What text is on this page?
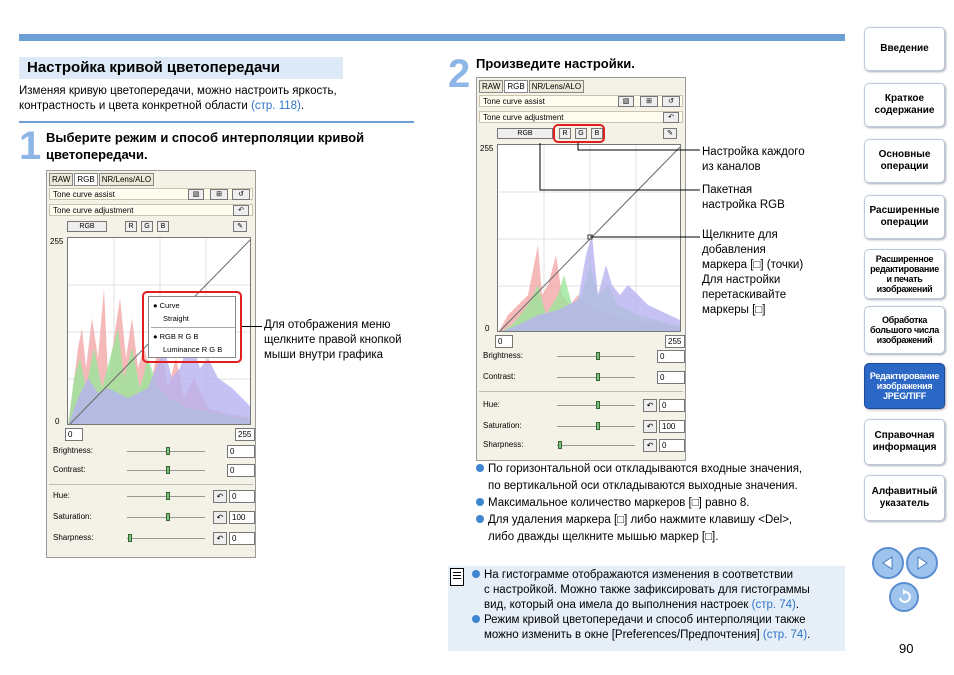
Настройка кривой цветопередачи
Изменяя кривую цветопередачи, можно настроить яркость,
контрастность и цвета конкретной области (стр. 118).
1 Выберите режим и способ интерполяции кривой
цветопередачи.
RAW RGB NR/Lens/ALO
Tone curve assist	▧	⊞	↺
Tone curve adjustment	↶
RGB	R	G	B	✎
255
0
0	255
Brightness:	0
Contrast:	0
Hue:	↶	0
Saturation:	↶	100
Sharpness:	↶	0
● Curve
Straight
● RGB R G B
Luminance R G B
Для отображения меню
щелкните правой кнопкой
мыши внутри графика
2 Произведите настройки.
RAW RGB NR/Lens/ALO
Tone curve assist	▧	⊞	↺
Tone curve adjustment	↶
RGB	R	G	B	✎
255
0
0	255
Brightness:	0
Contrast:	0
Hue:	↶	0
Saturation:	↶	100
Sharpness:	↶	0
Настройка каждого
из каналов
Пакетная
настройка RGB
Щелкните для
добавления
маркера [□] (точки)
Для настройки
перетаскивайте
маркеры [□]
По горизонтальной оси откладываются входные значения,
по вертикальной оси откладываются выходные значения.
Максимальное количество маркеров [□] равно 8.
Для удаления маркера [□] либо нажмите клавишу <Del>,
либо дважды щелкните мышью маркер [□].
На гистограмме отображаются изменения в соответствии
с настройкой. Можно также зафиксировать для гистограммы
вид, который она имела до выполнения настроек (стр. 74).
Режим кривой цветопередачи и способ интерполяции также
можно изменить в окне [Preferences/Предпочтения] (стр. 74).
Введение
Краткое
содержание
Основные
операции
Расширенные
операции
Расширенное
редактирование
и печать
изображений
Обработка
большого числа
изображений
Редактирование
изображения
JPEG/TIFF
Справочная
информация
Алфавитный
указатель
90
